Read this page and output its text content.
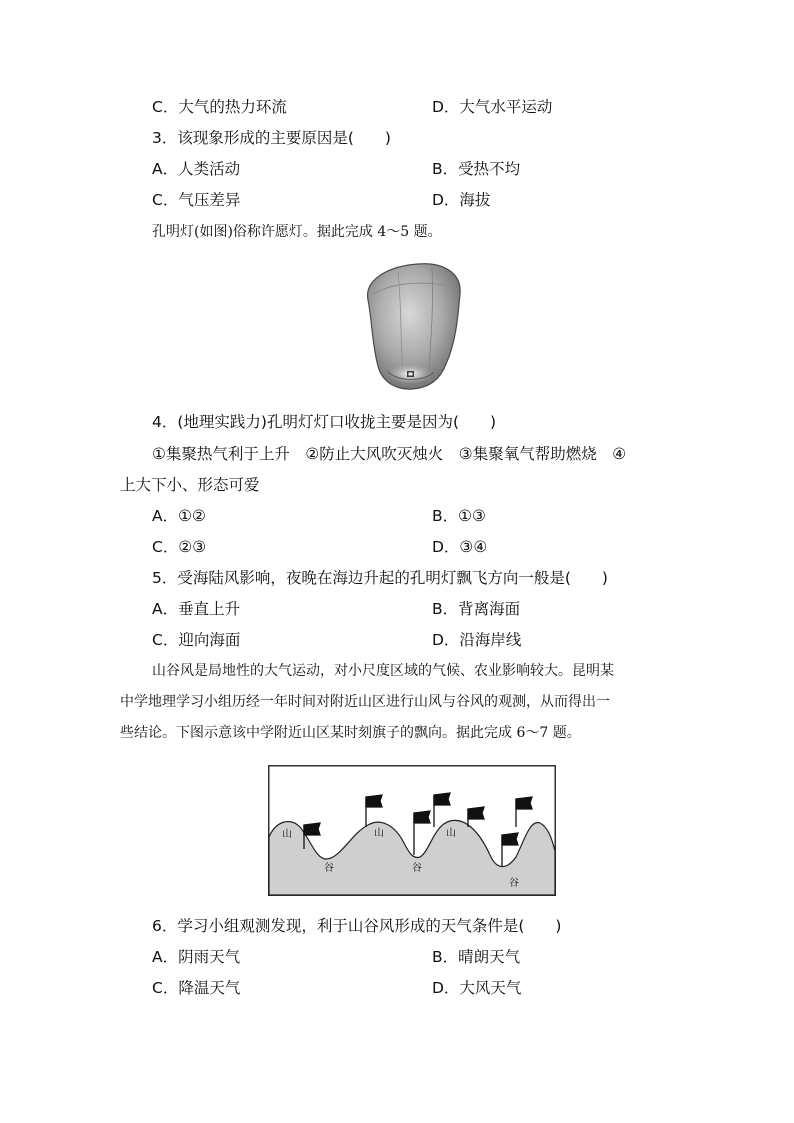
C．大气的热力环流	D．大气水平运动
3．该现象形成的主要原因是(　　)
A．人类活动	B．受热不均
C．气压差异	D．海拔
孔明灯(如图)俗称许愿灯。据此完成 4～5 题。
4．(地理实践力)孔明灯灯口收拢主要是因为(　　)
①集聚热气利于上升　②防止大风吹灭烛火　③集聚氧气帮助燃烧　④
上大下小、形态可爱
A．①②	B．①③
C．②③	D．③④
5．受海陆风影响，夜晚在海边升起的孔明灯飘飞方向一般是(　　)
A．垂直上升	B．背离海面
C．迎向海面	D．沿海岸线
山谷风是局地性的大气运动，对小尺度区域的气候、农业影响较大。昆明某
中学地理学习小组历经一年时间对附近山区进行山风与谷风的观测，从而得出一
些结论。下图示意该中学附近山区某时刻旗子的飘向。据此完成 6～7 题。
山	山	山
谷	谷
谷
6．学习小组观测发现，利于山谷风形成的天气条件是(　　)
A．阴雨天气	B．晴朗天气
C．降温天气	D．大风天气
